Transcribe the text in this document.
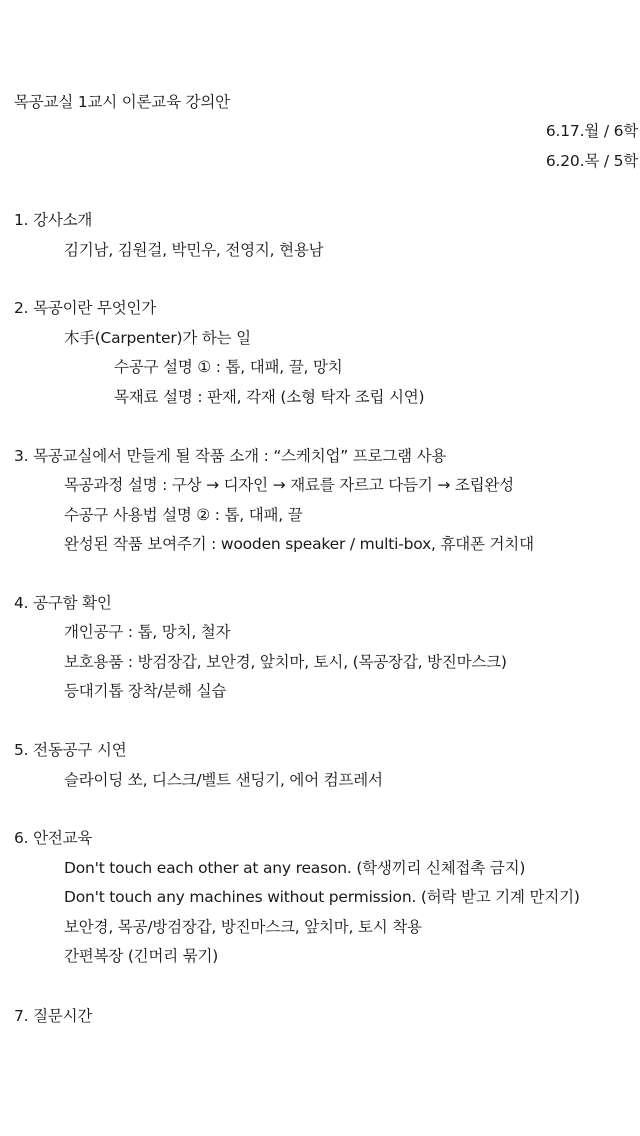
목공교실 1교시 이론교육 강의안
6.17.월 / 6학
6.20.목 / 5학
1. 강사소개
김기남, 김원걸, 박민우, 전영지, 현용남
2. 목공이란 무엇인가
木手(Carpenter)가 하는 일
수공구 설명 ① : 톱, 대패, 끌, 망치
목재료 설명 : 판재, 각재 (소형 탁자 조립 시연)
3. 목공교실에서 만들게 될 작품 소개 : “스케치업” 프로그램 사용
목공과정 설명 : 구상 → 디자인 → 재료를 자르고 다듬기 → 조립완성
수공구 사용법 설명 ② : 톱, 대패, 끌
완성된 작품 보여주기 : wooden speaker / multi-box, 휴대폰 거치대
4. 공구함 확인
개인공구 : 톱, 망치, 철자
보호용품 : 방검장갑, 보안경, 앞치마, 토시, (목공장갑, 방진마스크)
등대기톱 장착/분해 실습
5. 전동공구 시연
슬라이딩 쏘, 디스크/벨트 샌딩기, 에어 컴프레서
6. 안전교육
Don't touch each other at any reason. (학생끼리 신체접촉 금지)
Don't touch any machines without permission. (허락 받고 기계 만지기)
보안경, 목공/방검장갑, 방진마스크, 앞치마, 토시 착용
간편복장 (긴머리 묶기)
7. 질문시간
